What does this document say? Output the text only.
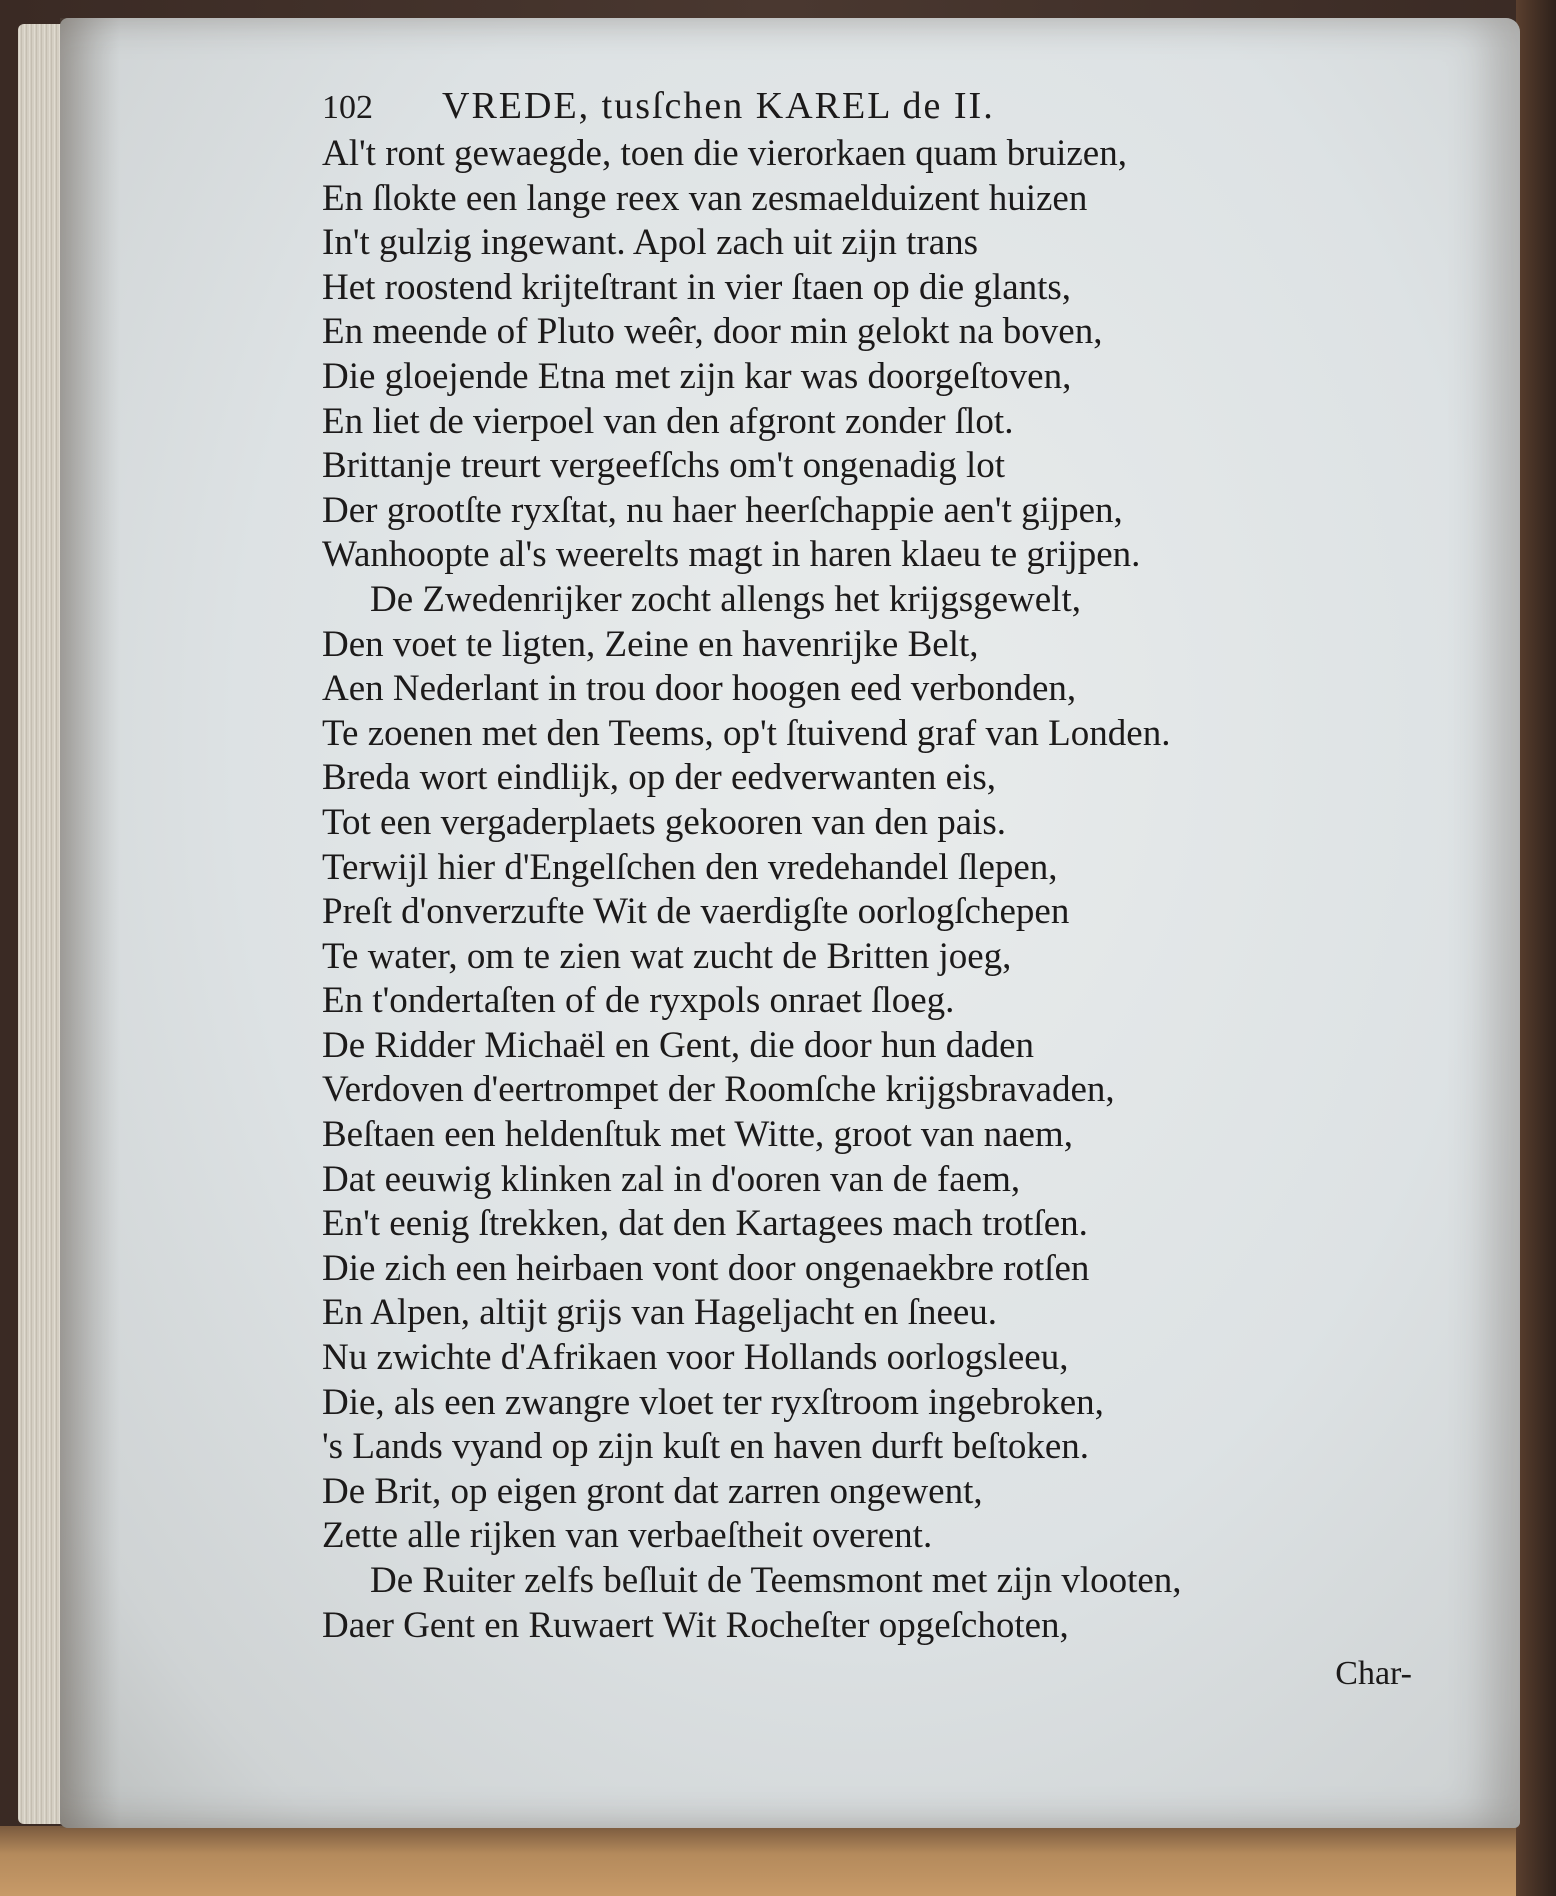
102 VREDE, tusſchen KAREL de II.
Al't ront gewaegde, toen die vierorkaen quam bruizen,
En ſlokte een lange reex van zesmaelduizent huizen
In't gulzig ingewant. Apol zach uit zijn trans
Het roostend krijteſtrant in vier ſtaen op die glants,
En meende of Pluto weêr, door min gelokt na boven,
Die gloejende Etna met zijn kar was doorgeſtoven,
En liet de vierpoel van den afgront zonder ſlot.
Brittanje treurt vergeefſchs om't ongenadig lot
Der grootſte ryxſtat, nu haer heerſchappie aen't gijpen,
Wanhoopte al's weerelts magt in haren klaeu te grijpen.
De Zwedenrijker zocht allengs het krijgsgewelt,
Den voet te ligten, Zeine en havenrijke Belt,
Aen Nederlant in trou door hoogen eed verbonden,
Te zoenen met den Teems, op't ſtuivend graf van Londen.
Breda wort eindlijk, op der eedverwanten eis,
Tot een vergaderplaets gekooren van den pais.
Terwijl hier d'Engelſchen den vredehandel ſlepen,
Preſt d'onverzufte Wit de vaerdigſte oorlogſchepen
Te water, om te zien wat zucht de Britten joeg,
En t'ondertaſten of de ryxpols onraet ſloeg.
De Ridder Michaël en Gent, die door hun daden
Verdoven d'eertrompet der Roomſche krijgsbravaden,
Beſtaen een heldenſtuk met Witte, groot van naem,
Dat eeuwig klinken zal in d'ooren van de faem,
En't eenig ſtrekken, dat den Kartagees mach trotſen.
Die zich een heirbaen vont door ongenaekbre rotſen
En Alpen, altijt grijs van Hageljacht en ſneeu.
Nu zwichte d'Afrikaen voor Hollands oorlogsleeu,
Die, als een zwangre vloet ter ryxſtroom ingebroken,
's Lands vyand op zijn kuſt en haven durft beſtoken.
De Brit, op eigen gront dat zarren ongewent,
Zette alle rijken van verbaeſtheit overent.
De Ruiter zelfs beſluit de Teemsmont met zijn vlooten,
Daer Gent en Ruwaert Wit Rocheſter opgeſchoten,
Char-
